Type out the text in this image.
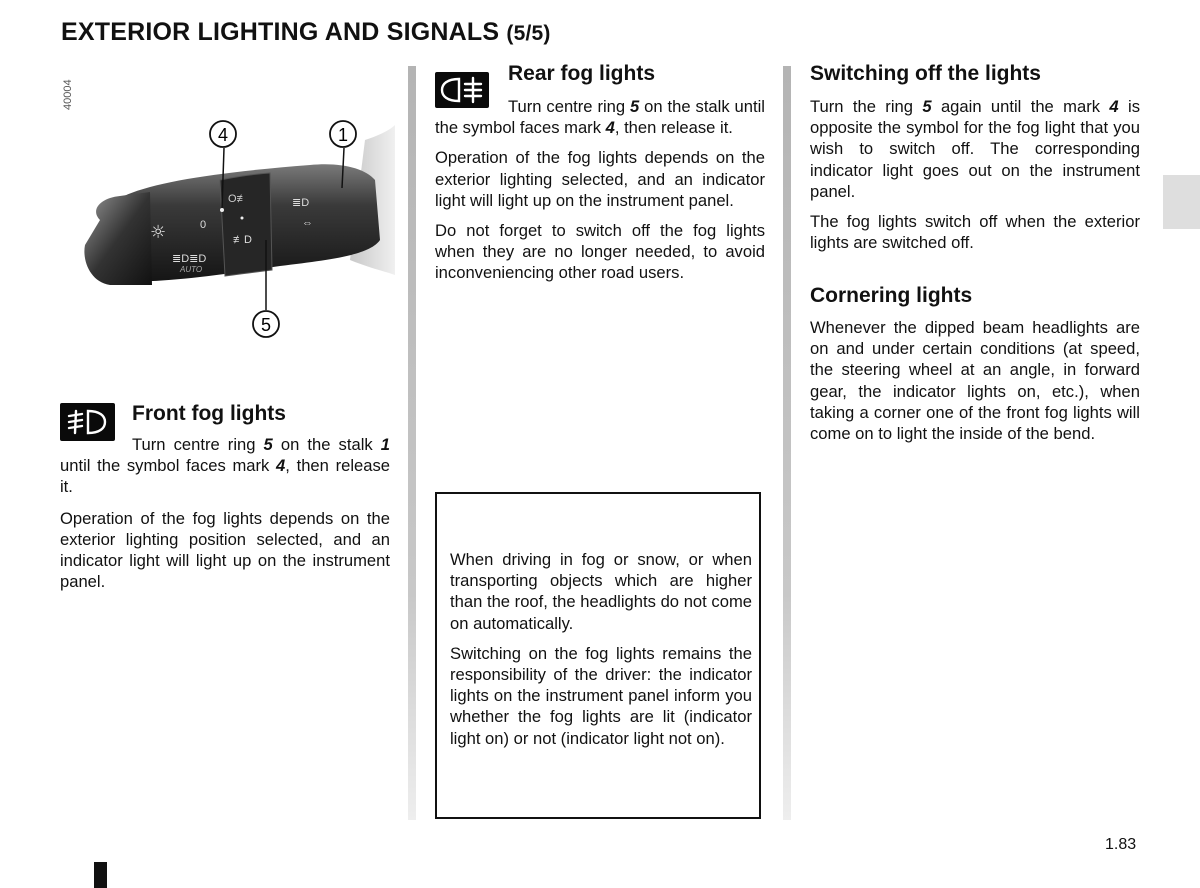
EXTERIOR LIGHTING AND SIGNALS (5/5)
40004
☼	0
AUTO
≣D≣D
≢D
O≢	≣D
⇔
4	1
5
Front fog lights

Turn centre ring 5 on the stalk 1 until the symbol faces mark 4, then release it.

Operation of the fog lights depends on the exterior lighting position selected, and an indicator light will light up on the instrument panel.

Rear fog lights

Turn centre ring 5 on the stalk until the symbol faces mark 4, then release it.

Operation of the fog lights depends on the exterior lighting selected, and an indicator light will light up on the instrument panel.

Do not forget to switch off the fog lights when they are no longer needed, to avoid inconveniencing other road users.

When driving in fog or snow, or when transporting objects which are higher than the roof, the headlights do not come on automatically.

Switching on the fog lights remains the responsibility of the driver: the indicator lights on the instrument panel inform you whether the fog lights are lit (indicator light on) or not (indicator light not on).

Switching off the lights

Turn the ring 5 again until the mark 4 is opposite the symbol for the fog light that you wish to switch off. The corresponding indicator light goes out on the instrument panel.

The fog lights switch off when the exterior lights are switched off.

Cornering lights

Whenever the dipped beam headlights are on and under certain conditions (at speed, the steering wheel at an angle, in forward gear, the indicator lights on, etc.), when taking a corner one of the front fog lights will come on to light the inside of the bend.

1.83
